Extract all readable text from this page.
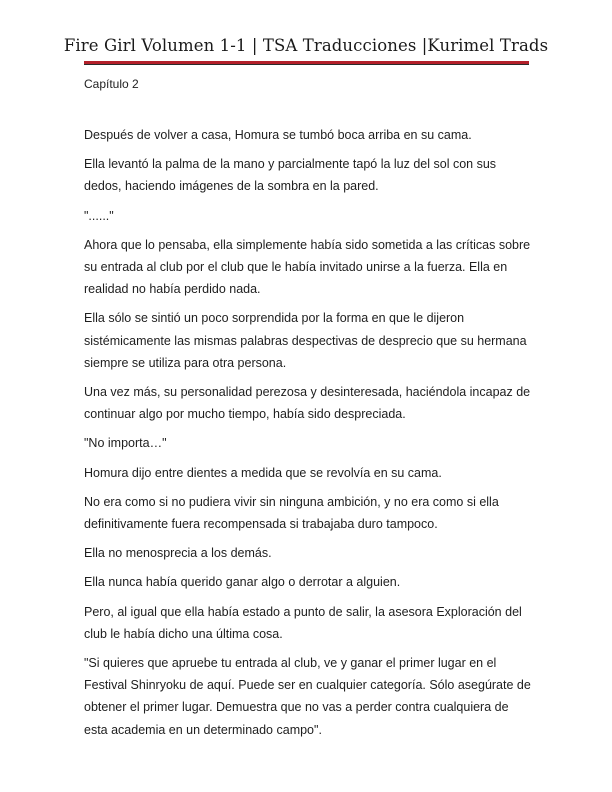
Fire Girl Volumen 1-1 | TSA Traducciones |Kurimel Trads
Capítulo 2

Después de volver a casa, Homura se tumbó boca arriba en su cama.

Ella levantó la palma de la mano y parcialmente tapó la luz del sol con sus dedos, haciendo imágenes de la sombra en la pared.

"......"

Ahora que lo pensaba, ella simplemente había sido sometida a las críticas sobre su entrada al club por el club que le había invitado unirse a la fuerza. Ella en realidad no había perdido nada.

Ella sólo se sintió un poco sorprendida por la forma en que le dijeron sistémicamente las mismas palabras despectivas de desprecio que su hermana siempre se utiliza para otra persona.

Una vez más, su personalidad perezosa y desinteresada, haciéndola incapaz de continuar algo por mucho tiempo, había sido despreciada.

"No importa…"

Homura dijo entre dientes a medida que se revolvía en su cama.

No era como si no pudiera vivir sin ninguna ambición, y no era como si ella definitivamente fuera recompensada si trabajaba duro tampoco.

Ella no menosprecia a los demás.

Ella nunca había querido ganar algo o derrotar a alguien.

Pero, al igual que ella había estado a punto de salir, la asesora Exploración del club le había dicho una última cosa.

"Si quieres que apruebe tu entrada al club, ve y ganar el primer lugar en el Festival Shinryoku de aquí. Puede ser en cualquier categoría. Sólo asegúrate de obtener el primer lugar. Demuestra que no vas a perder contra cualquiera de esta academia en un determinado campo".
